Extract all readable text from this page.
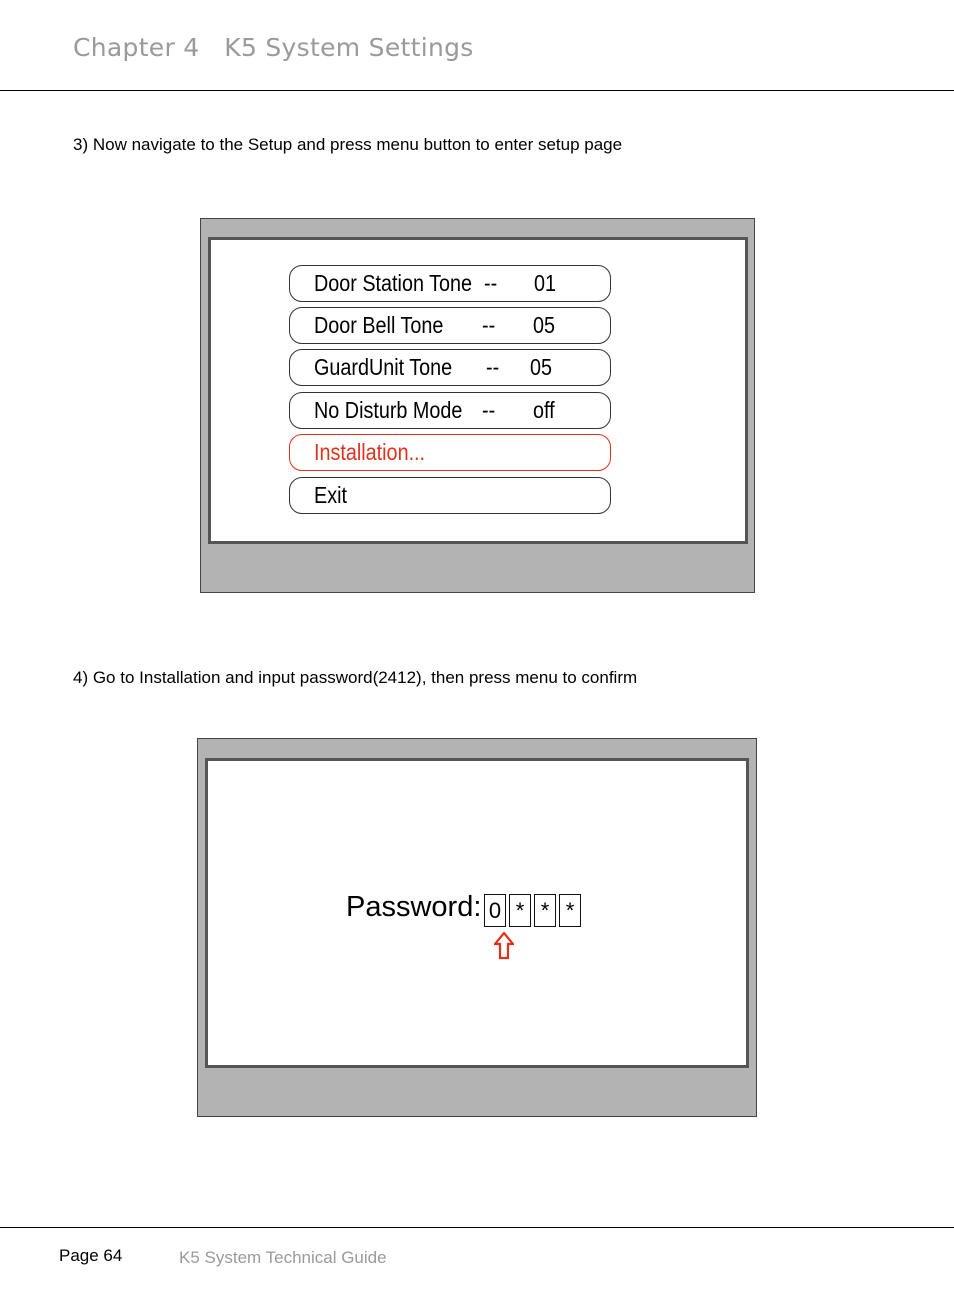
Chapter 4   K5 System Settings
3) Now navigate to the Setup and press menu button to enter setup page
Door Station Tone -- 01
Door Bell Tone -- 05
GuardUnit Tone -- 05
No Disturb Mode -- off
Installation...
Exit
4) Go to Installation and input password(2412), then press menu to confirm
Password: 0 * * *
Page 64	K5 System Technical Guide
